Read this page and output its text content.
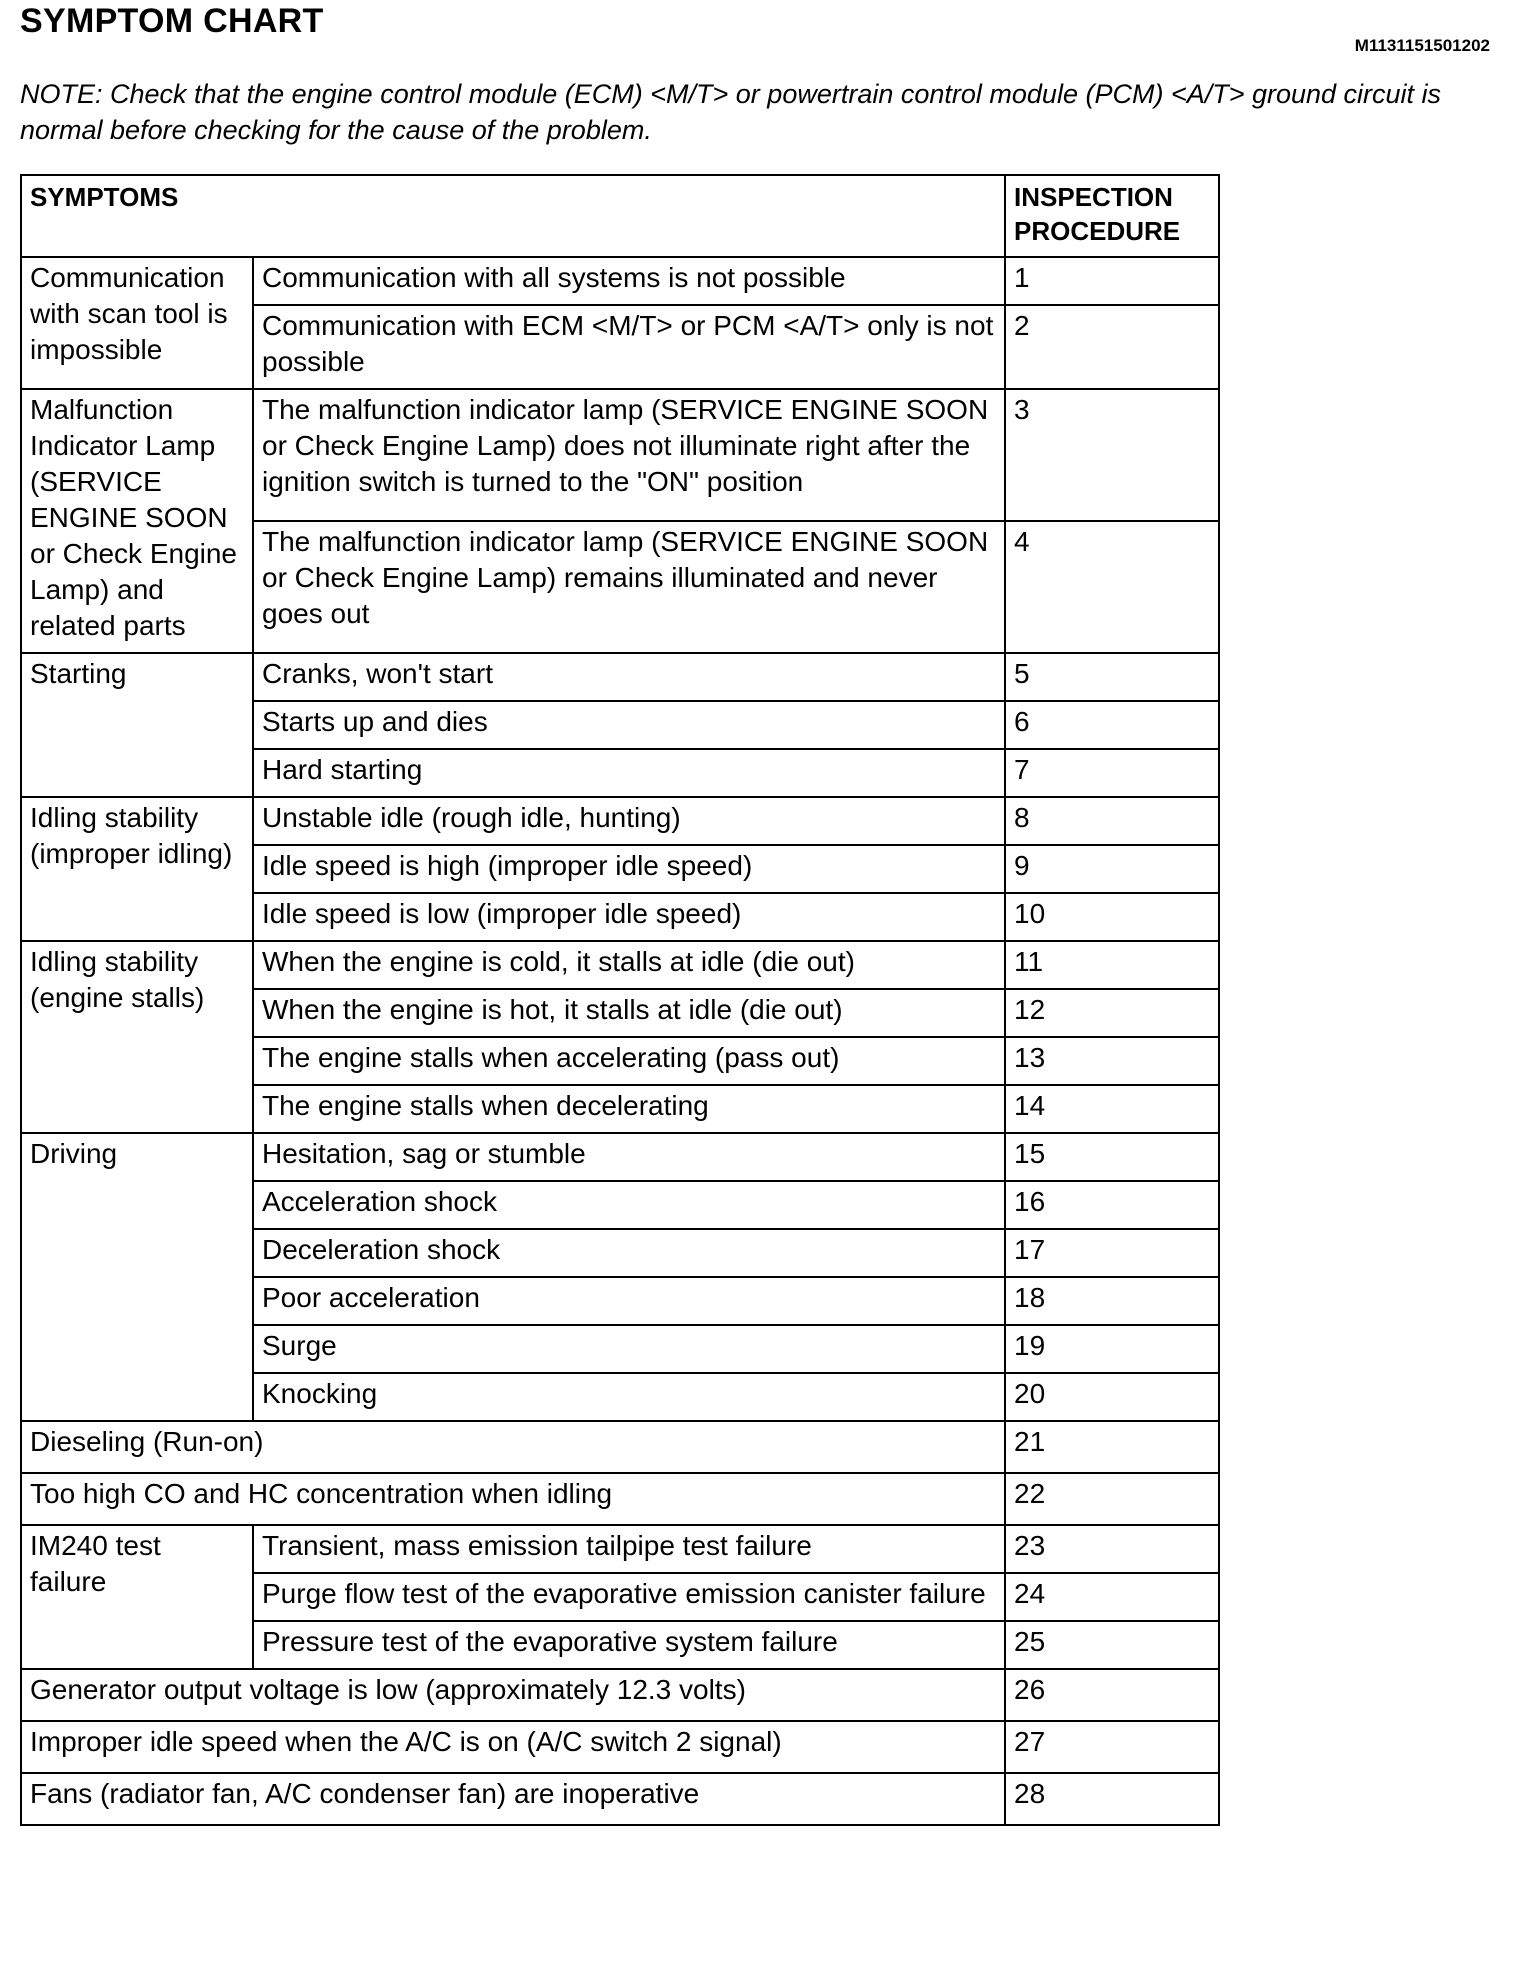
SYMPTOM CHART
M1131151501202
NOTE: Check that the engine control module (ECM) <M/T> or powertrain control module (PCM) <A/T> ground circuit is normal before checking for the cause of the problem.
SYMPTOMS		INSPECTION PROCEDURE
Communication with scan tool is impossible	Communication with all systems is not possible	1
	Communication with ECM <M/T> or PCM <A/T> only is not possible	2
Malfunction Indicator Lamp (SERVICE ENGINE SOON or Check Engine Lamp) and related parts	The malfunction indicator lamp (SERVICE ENGINE SOON or Check Engine Lamp) does not illuminate right after the ignition switch is turned to the "ON" position	3
	The malfunction indicator lamp (SERVICE ENGINE SOON or Check Engine Lamp) remains illuminated and never goes out	4
Starting	Cranks, won't start	5
	Starts up and dies	6
	Hard starting	7
Idling stability (improper idling)	Unstable idle (rough idle, hunting)	8
	Idle speed is high (improper idle speed)	9
	Idle speed is low (improper idle speed)	10
Idling stability (engine stalls)	When the engine is cold, it stalls at idle (die out)	11
	When the engine is hot, it stalls at idle (die out)	12
	The engine stalls when accelerating (pass out)	13
	The engine stalls when decelerating	14
Driving	Hesitation, sag or stumble	15
	Acceleration shock	16
	Deceleration shock	17
	Poor acceleration	18
	Surge	19
	Knocking	20
Dieseling (Run-on)		21
Too high CO and HC concentration when idling		22
IM240 test failure	Transient, mass emission tailpipe test failure	23
	Purge flow test of the evaporative emission canister failure	24
	Pressure test of the evaporative system failure	25
Generator output voltage is low (approximately 12.3 volts)		26
Improper idle speed when the A/C is on (A/C switch 2 signal)		27
Fans (radiator fan, A/C condenser fan) are inoperative		28
